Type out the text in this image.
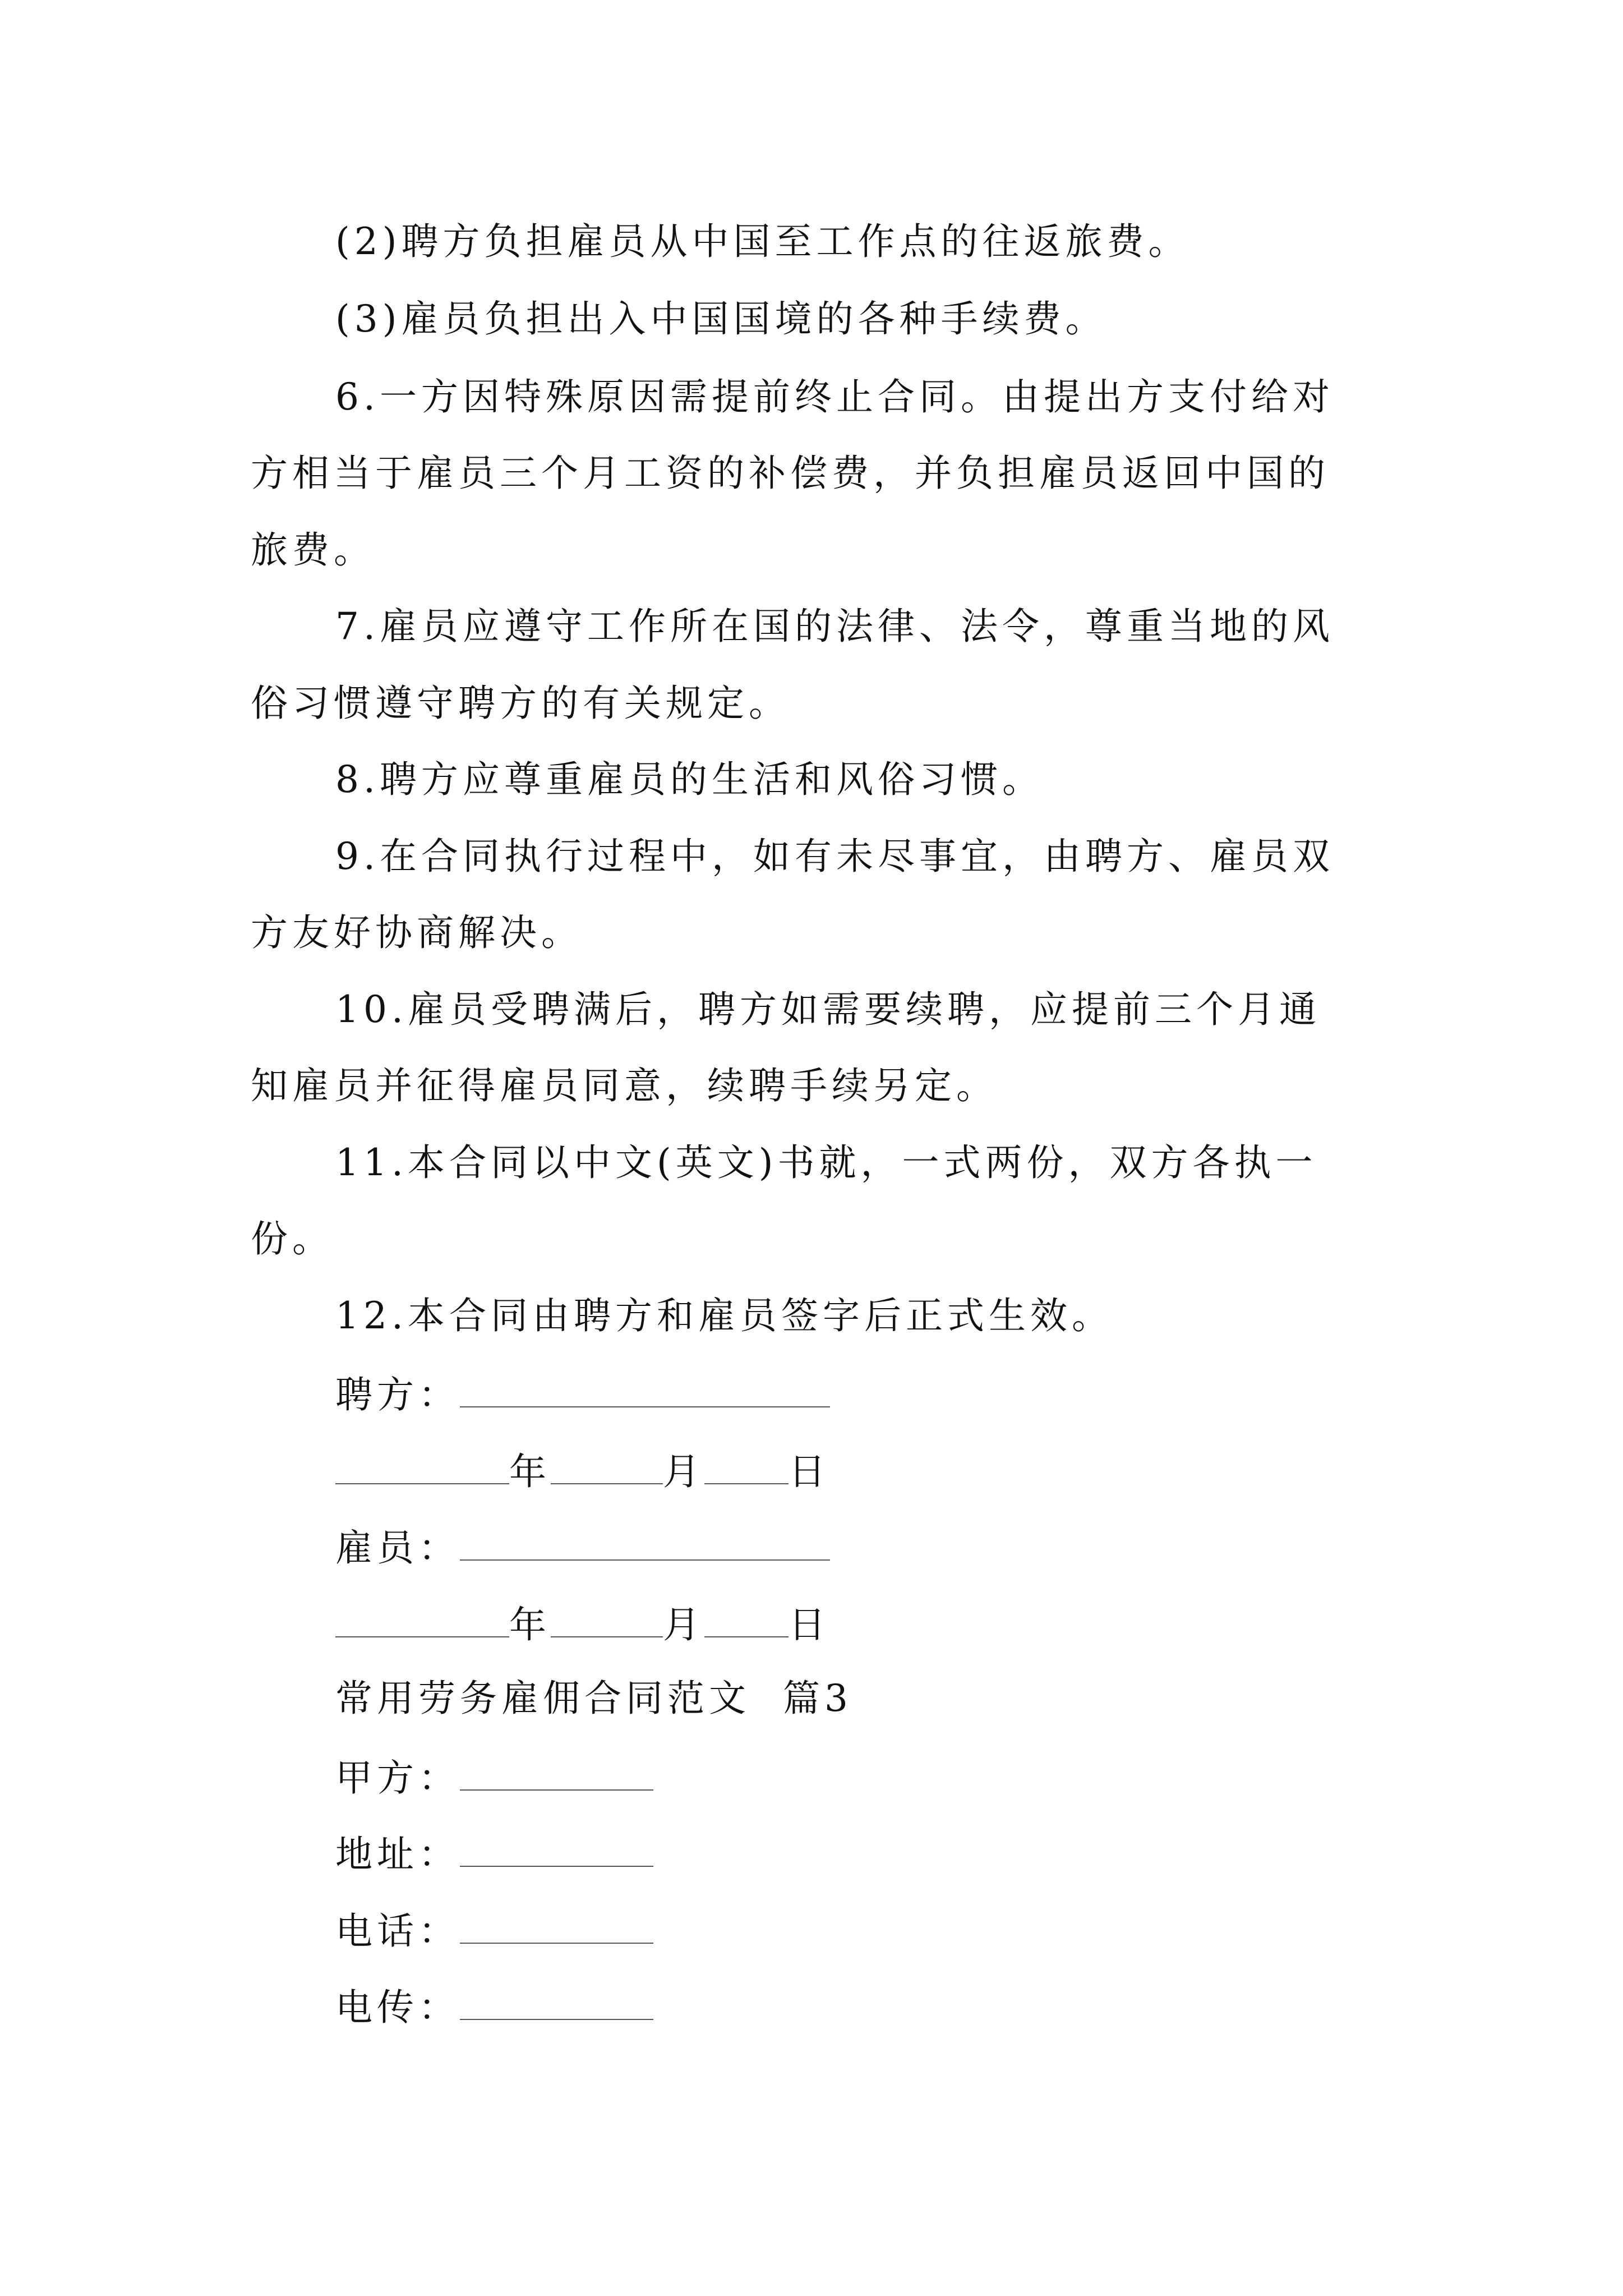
(2)聘方负担雇员从中国至工作点的往返旅费。
(3)雇员负担出入中国国境的各种手续费。
6.一方因特殊原因需提前终止合同。由提出方支付给对
方相当于雇员三个月工资的补偿费，并负担雇员返回中国的
旅费。
7.雇员应遵守工作所在国的法律、法令，尊重当地的风
俗习惯遵守聘方的有关规定。
8.聘方应尊重雇员的生活和风俗习惯。
9.在合同执行过程中，如有未尽事宜，由聘方、雇员双
方友好协商解决。
10.雇员受聘满后，聘方如需要续聘，应提前三个月通
知雇员并征得雇员同意，续聘手续另定。
11.本合同以中文(英文)书就，一式两份，双方各执一
份。
12.本合同由聘方和雇员签字后正式生效。
聘方：
年	月 日
雇员：
年	月 日
常用劳务雇佣合同范文  篇3
甲方：
地址：
电话：
电传：
